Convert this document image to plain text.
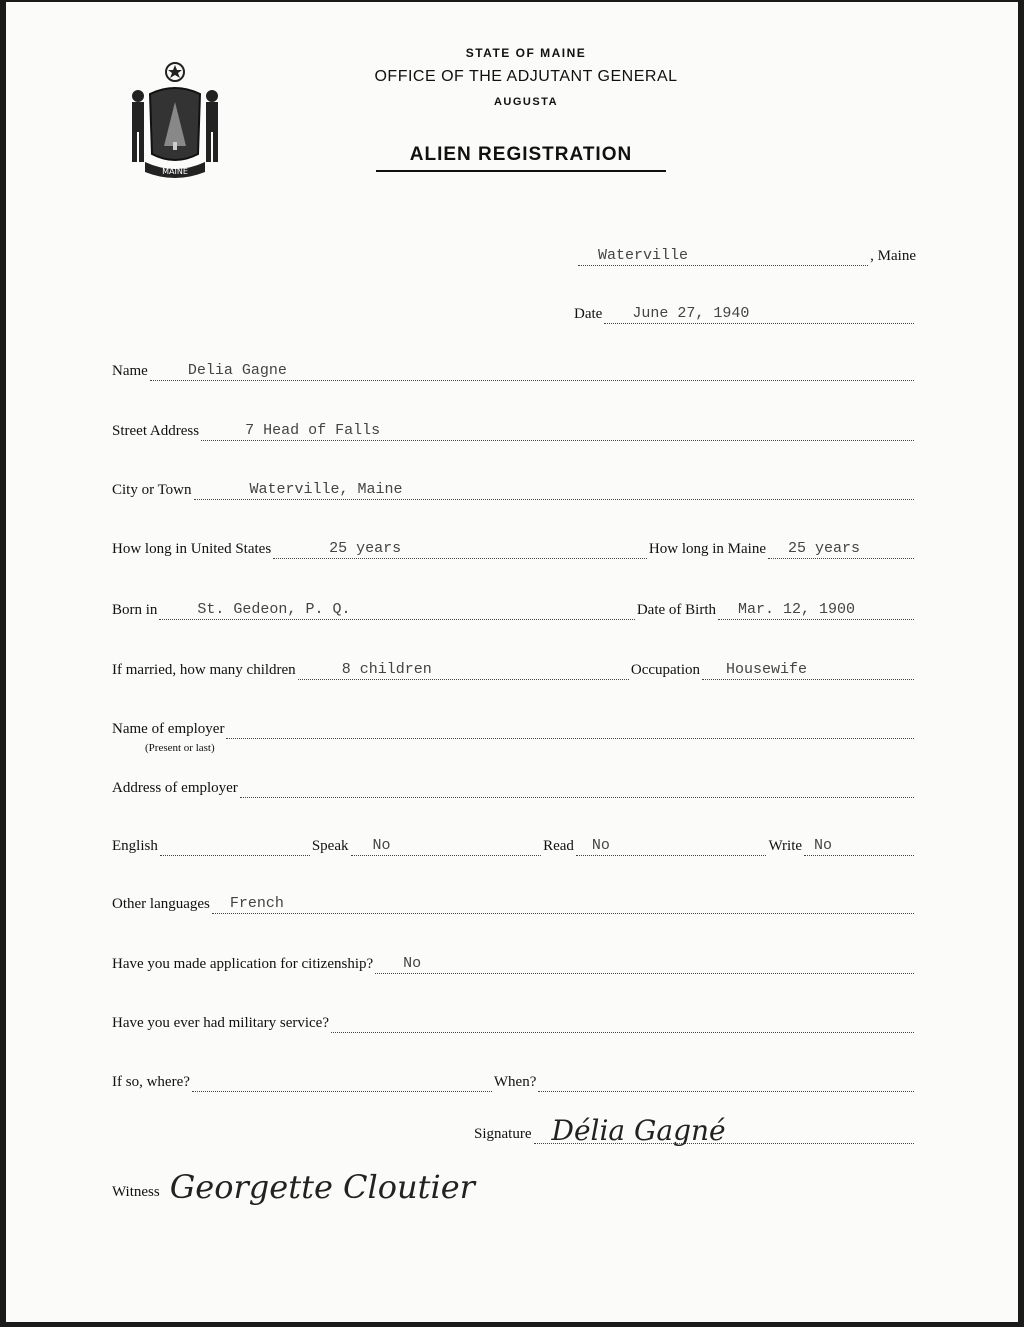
MAINE
STATE OF MAINE
OFFICE OF THE ADJUTANT GENERAL
AUGUSTA
ALIEN REGISTRATION
Waterville	, Maine
Date June 27, 1940
Name	Delia Gagne
Street Address	7 Head of Falls
City or Town	Waterville, Maine
How long in United States	25 years	How long in Maine 25 years
Born in	St. Gedeon, P. Q.	Date of Birth Mar. 12, 1900
If married, how many children	8 children	Occupation Housewife
Name of employer
(Present or last)
Address of employer
English	Speak No	Read No	Write No
Other languages French
Have you made application for citizenship? No
Have you ever had military service?
If so, where?	When?
Signature Délia Gagné
Witness Georgette Cloutier
